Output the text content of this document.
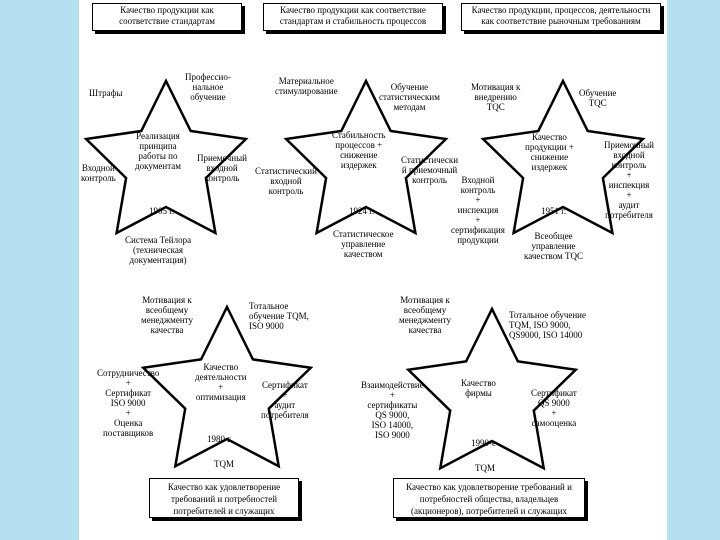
Качество продукции как соответствие стандартам
Качество продукции как соответствие стандартам и стабильность процессов
Качество продукции, процессов, деятельности как соответствие рыночным требованиям
Штрафы
Профессио-
нальное
обучение
Входной
контроль
Реализация
принципа
работы по
документам
Приемочный
входной
контроль
1905 г.
Система Тейлора
(техническая
документация)
Материальное
стимулирование	Обучение
статистическим
методам
Статистический
входной
контроль
Стабильность
процессов +
снижение
издержек	Статистически
й приемочный
контроль
1924 г.
Статистическое
управление
качеством
Мотивация к
внедрению
TQC
Обучение
TQC
Входной
контроль
+
инспекция
+
сертификация
продукции
Качество
продукции +
снижение
издержек
Приемочный
входной
контроль
+
инспекция
+
аудит
потребителя
1951 г.
Всеобщее
управление
качеством TQC
Мотивация к
всеобщему
менеджменту
качества
Тотальное
обучение TQM,
ISO 9000
Сотрудничество
+
Сертификат
ISO 9000
+
Оценка
поставщиков
Качество
деятельности
+
оптимизация
Сертификат
+
аудит
потребителя
1980 г.
TQM
Мотивация к
всеобщему
менеджменту
качества
Тотальное обучение
TQM, ISO 9000,
QS9000, ISO 14000
Взаимодействие
+
сертификаты
QS 9000,
ISO 14000,
ISO 9000
Качество
фирмы	Сертификат
QS 9000
+
самооценка
1990-е
TQM
Качество как удовлетворение требований и потребностей потребителей и служащих
Качество как удовлетворение требований и потребностей общества, владельцев (акционеров), потребителей и служащих
